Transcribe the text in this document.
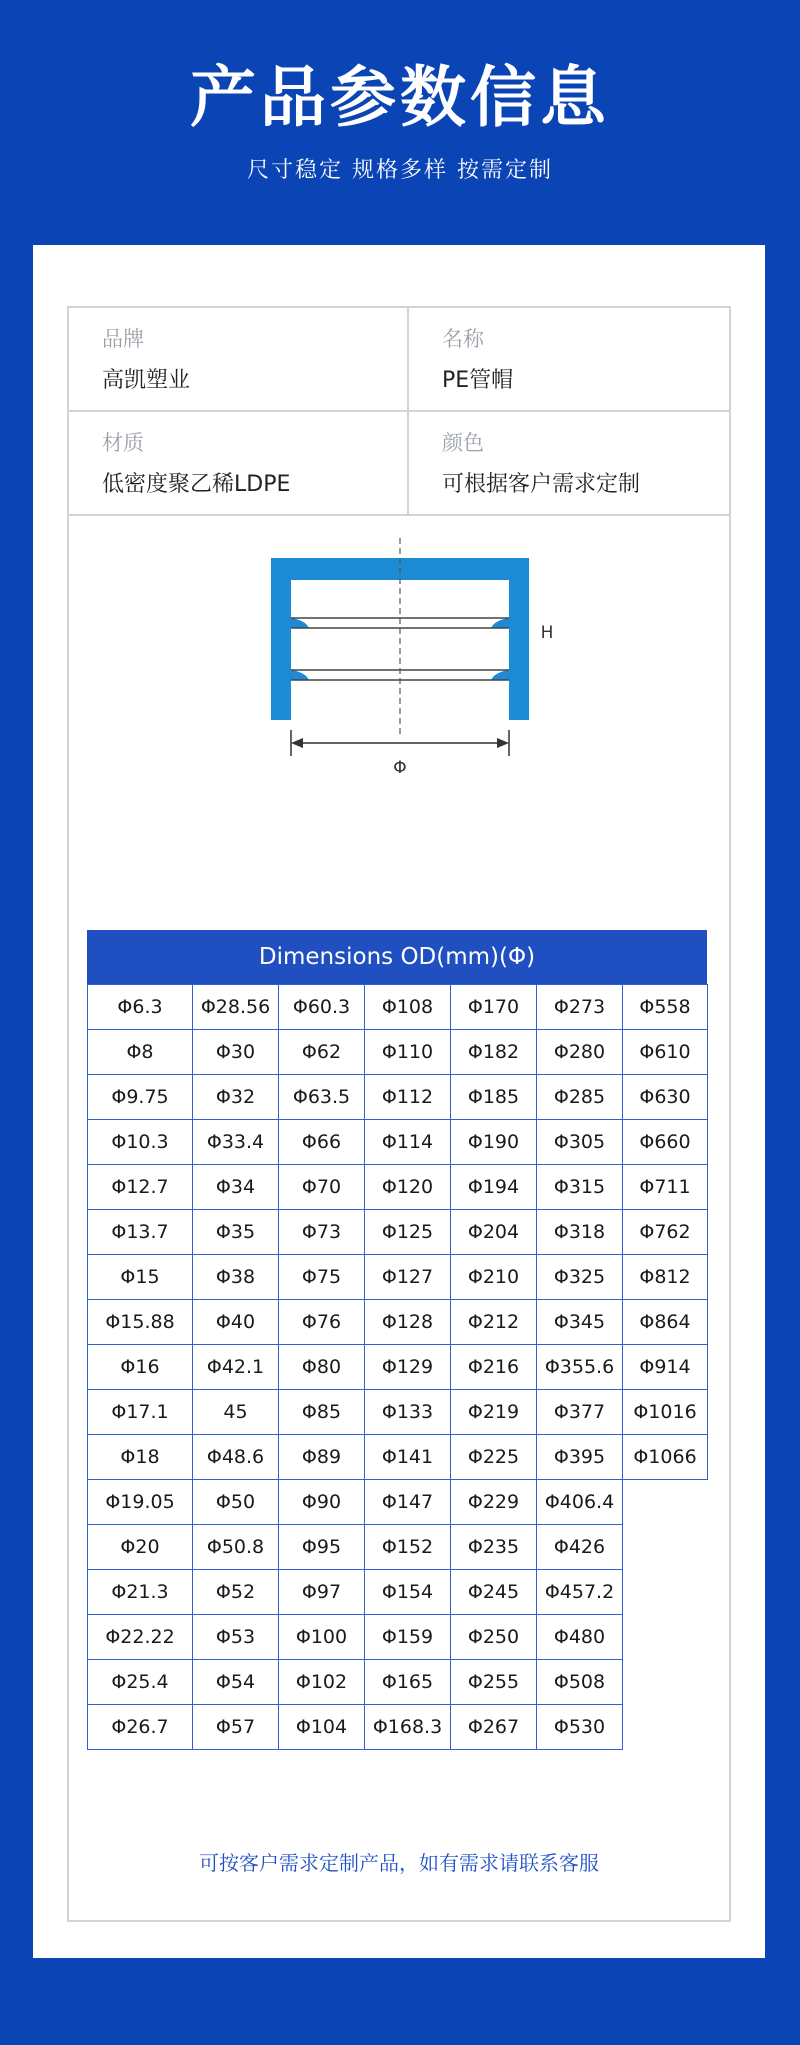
产品参数信息
尺寸稳定 规格多样 按需定制
品牌
高凯塑业
名称
PE管帽
材质
低密度聚乙稀LDPE
颜色
可根据客户需求定制
Φ
H
Dimensions OD(mm)(Φ)
Φ6.3	Φ28.56	Φ60.3	Φ108	Φ170	Φ273	Φ558
Φ8	Φ30	Φ62	Φ110	Φ182	Φ280	Φ610
Φ9.75	Φ32	Φ63.5	Φ112	Φ185	Φ285	Φ630
Φ10.3	Φ33.4	Φ66	Φ114	Φ190	Φ305	Φ660
Φ12.7	Φ34	Φ70	Φ120	Φ194	Φ315	Φ711
Φ13.7	Φ35	Φ73	Φ125	Φ204	Φ318	Φ762
Φ15	Φ38	Φ75	Φ127	Φ210	Φ325	Φ812
Φ15.88	Φ40	Φ76	Φ128	Φ212	Φ345	Φ864
Φ16	Φ42.1	Φ80	Φ129	Φ216	Φ355.6	Φ914
Φ17.1	45	Φ85	Φ133	Φ219	Φ377	Φ1016
Φ18	Φ48.6	Φ89	Φ141	Φ225	Φ395	Φ1066
Φ19.05	Φ50	Φ90	Φ147	Φ229	Φ406.4	
Φ20	Φ50.8	Φ95	Φ152	Φ235	Φ426	
Φ21.3	Φ52	Φ97	Φ154	Φ245	Φ457.2	
Φ22.22	Φ53	Φ100	Φ159	Φ250	Φ480	
Φ25.4	Φ54	Φ102	Φ165	Φ255	Φ508	
Φ26.7	Φ57	Φ104	Φ168.3	Φ267	Φ530	
可按客户需求定制产品，如有需求请联系客服
